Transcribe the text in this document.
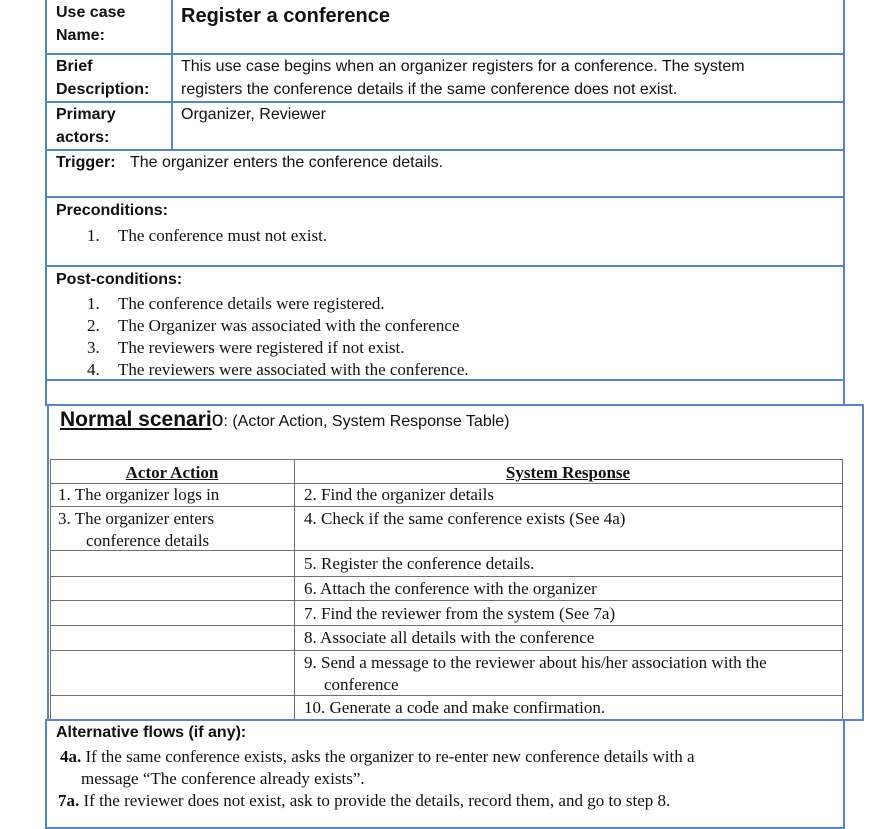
Use case
Name:
Register a conference
Brief
Description:
This use case begins when an organizer registers for a conference. The system
registers the conference details if the same conference does not exist.
Primary
actors:
Organizer, Reviewer
Trigger: The organizer enters the conference details.
Preconditions:
1. The conference must not exist.
Post-conditions:
1. The conference details were registered.
2. The Organizer was associated with the conference
3. The reviewers were registered if not exist.
4. The reviewers were associated with the conference.
Normal scenario: (Actor Action, System Response Table)
Actor Action	System Response
1. The organizer logs in	2. Find the organizer details
3. The organizer enters
conference details
4. Check if the same conference exists (See 4a)
5. Register the conference details.
6. Attach the conference with the organizer
7. Find the reviewer from the system (See 7a)
8. Associate all details with the conference
9. Send a message to the reviewer about his/her association with the
conference
10. Generate a code and make confirmation.
Alternative flows (if any):
4a. If the same conference exists, asks the organizer to re-enter new conference details with a
message “The conference already exists”.
7a. If the reviewer does not exist, ask to provide the details, record them, and go to step 8.
